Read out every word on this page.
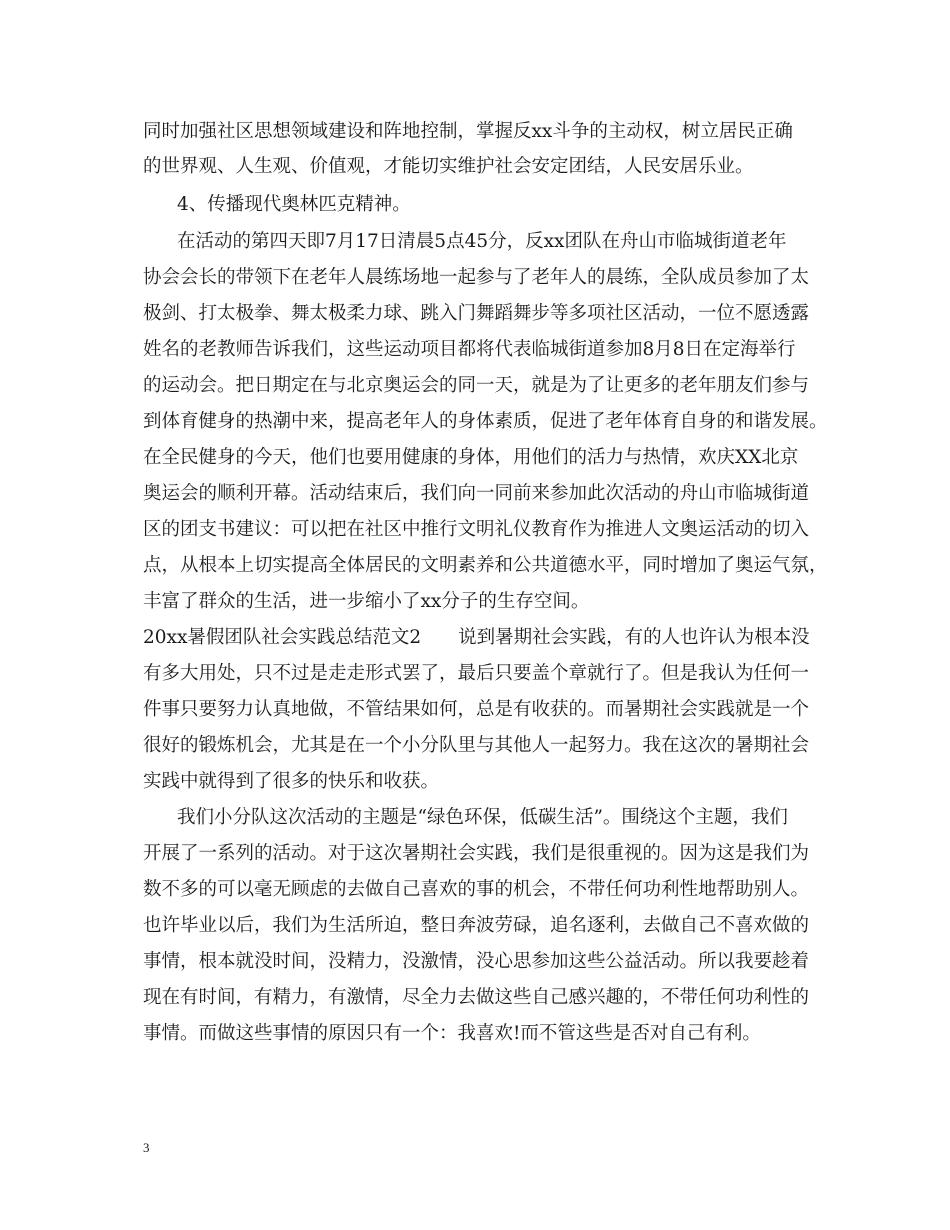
同时加强社区思想领域建设和阵地控制，掌握反xx斗争的主动权，树立居民正确
的世界观、人生观、价值观，才能切实维护社会安定团结，人民安居乐业。
4、传播现代奥林匹克精神。
在活动的第四天即7月17日清晨5点45分，反xx团队在舟山市临城街道老年
协会会长的带领下在老年人晨练场地一起参与了老年人的晨练，全队成员参加了太
极剑、打太极拳、舞太极柔力球、跳入门舞蹈舞步等多项社区活动，一位不愿透露
姓名的老教师告诉我们，这些运动项目都将代表临城街道参加8月8日在定海举行
的运动会。把日期定在与北京奥运会的同一天，就是为了让更多的老年朋友们参与
到体育健身的热潮中来，提高老年人的身体素质，促进了老年体育自身的和谐发展。
在全民健身的今天，他们也要用健康的身体，用他们的活力与热情，欢庆XX北京
奥运会的顺利开幕。活动结束后，我们向一同前来参加此次活动的舟山市临城街道
区的团支书建议：可以把在社区中推行文明礼仪教育作为推进人文奥运活动的切入
点，从根本上切实提高全体居民的文明素养和公共道德水平，同时增加了奥运气氛，
丰富了群众的生活，进一步缩小了xx分子的生存空间。
20xx暑假团队社会实践总结范文2　　说到暑期社会实践，有的人也许认为根本没
有多大用处，只不过是走走形式罢了，最后只要盖个章就行了。但是我认为任何一
件事只要努力认真地做，不管结果如何，总是有收获的。而暑期社会实践就是一个
很好的锻炼机会，尤其是在一个小分队里与其他人一起努力。我在这次的暑期社会
实践中就得到了很多的快乐和收获。
我们小分队这次活动的主题是“绿色环保，低碳生活”。围绕这个主题，我们
开展了一系列的活动。对于这次暑期社会实践，我们是很重视的。因为这是我们为
数不多的可以毫无顾虑的去做自己喜欢的事的机会，不带任何功利性地帮助别人。
也许毕业以后，我们为生活所迫，整日奔波劳碌，追名逐利，去做自己不喜欢做的
事情，根本就没时间，没精力，没激情，没心思参加这些公益活动。所以我要趁着
现在有时间，有精力，有激情，尽全力去做这些自己感兴趣的，不带任何功利性的
事情。而做这些事情的原因只有一个：我喜欢!而不管这些是否对自己有利。
3
